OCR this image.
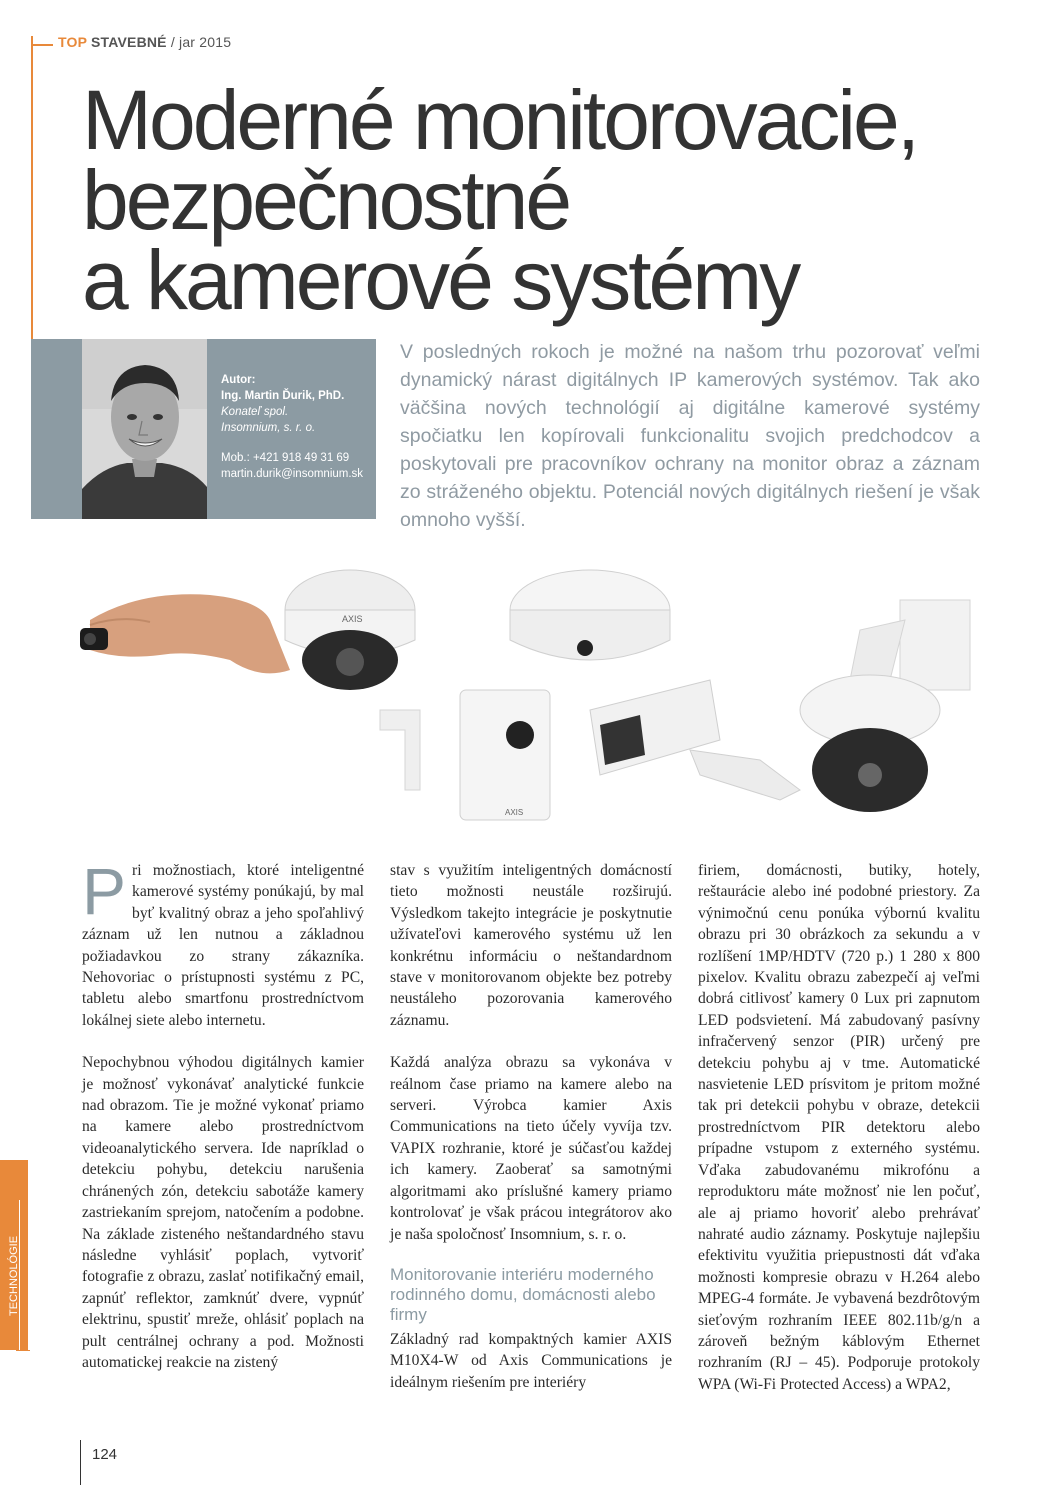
TOP STAVEBNÉ / jar 2015
Moderné monitorovacie,
bezpečnostné
a kamerové systémy
Autor:
Ing. Martin Ďurik, PhD.
Konateľ spol.
Insomnium, s. r. o.
Mob.: +421 918 49 31 69
martin.durik@insomnium.sk
V posledných rokoch je možné na našom trhu pozorovať veľmi dynamický nárast digitálnych IP kamerových systémov. Tak ako väčšina nových technológií aj digitálne kamerové systémy spočiatku len kopírovali funkcionalitu svojich predchodcov a poskytovali pre pracovníkov ochrany na monitor obraz a záznam zo stráženého objektu. Potenciál nových digitálnych riešení je však omnoho vyšší.
AXIS
AXIS
TECHNOLÓGIE

Pri možnostiach, ktoré inteligentné kamerové systémy ponúkajú, by mal byť kvalitný obraz a jeho spoľahlivý záznam už len nutnou a základnou požiadavkou zo strany zákazníka. Nehovoriac o prístupnosti systému z PC, tabletu alebo smartfonu prostredníctvom lokálnej siete alebo internetu.

Nepochybnou výhodou digitálnych kamier je možnosť vykonávať analytické funkcie nad obrazom. Tie je možné vykonať priamo na kamere alebo prostredníctvom videoanalytického servera. Ide napríklad o detekciu pohybu, detekciu narušenia chránených zón, detekciu sabotáže kamery zastriekaním sprejom, natočením a podobne. Na základe zisteného neštandardného stavu následne vyhlásiť poplach, vytvoriť fotografie z obrazu, zaslať notifikačný email, zapnúť reflektor, zamknúť dvere, vypnúť elektrinu, spustiť mreže, ohlásiť poplach na pult centrálnej ochrany a pod. Možnosti automatickej reakcie na zistený

stav s využitím inteligentných domácností tieto možnosti neustále rozširujú. Výsledkom takejto integrácie je poskytnutie užívateľovi kamerového systému už len konkrétnu informáciu o neštandardnom stave v monitorovanom objekte bez potreby neustáleho pozorovania kamerového záznamu.

Každá analýza obrazu sa vykonáva v reálnom čase priamo na kamere alebo na serveri. Výrobca kamier Axis Communications na tieto účely vyvíja tzv. VAPIX rozhranie, ktoré je súčasťou každej ich kamery. Zaoberať sa samotnými algoritmami ako príslušné kamery priamo kontrolovať je však prácou integrátorov ako je naša spoločnosť Insomnium, s. r. o.

Monitorovanie interiéru moderného rodinného domu, domácnosti alebo firmy

Základný rad kompaktných kamier AXIS M10X4-W od Axis Communications je ideálnym riešením pre interiéry

firiem, domácnosti, butiky, hotely, reštaurácie alebo iné podobné priestory. Za výnimočnú cenu ponúka výbornú kvalitu obrazu pri 30 obrázkoch za sekundu a v rozlíšení 1MP/HDTV (720 p.) 1 280 x 800 pixelov. Kvalitu obrazu zabezpečí aj veľmi dobrá citlivosť kamery 0 Lux pri zapnutom LED podsvietení. Má zabudovaný pasívny infračervený senzor (PIR) určený pre detekciu pohybu aj v tme. Automatické nasvietenie LED prísvitom je pritom možné tak pri detekcii pohybu v obraze, detekcii prostredníctvom PIR detektoru alebo prípadne vstupom z externého systému. Vďaka zabudovanému mikrofónu a reproduktoru máte možnosť nie len počuť, ale aj priamo hovoriť alebo prehrávať nahraté audio záznamy. Poskytuje najlepšiu efektivitu využitia priepustnosti dát vďaka možnosti kompresie obrazu v H.264 alebo MPEG-4 formáte. Je vybavená bezdrôtovým sieťovým rozhraním IEEE 802.11b/g/n a zároveň bežným káblovým Ethernet rozhraním (RJ – 45). Podporuje protokoly WPA (Wi-Fi Protected Access) a WPA2,

124
